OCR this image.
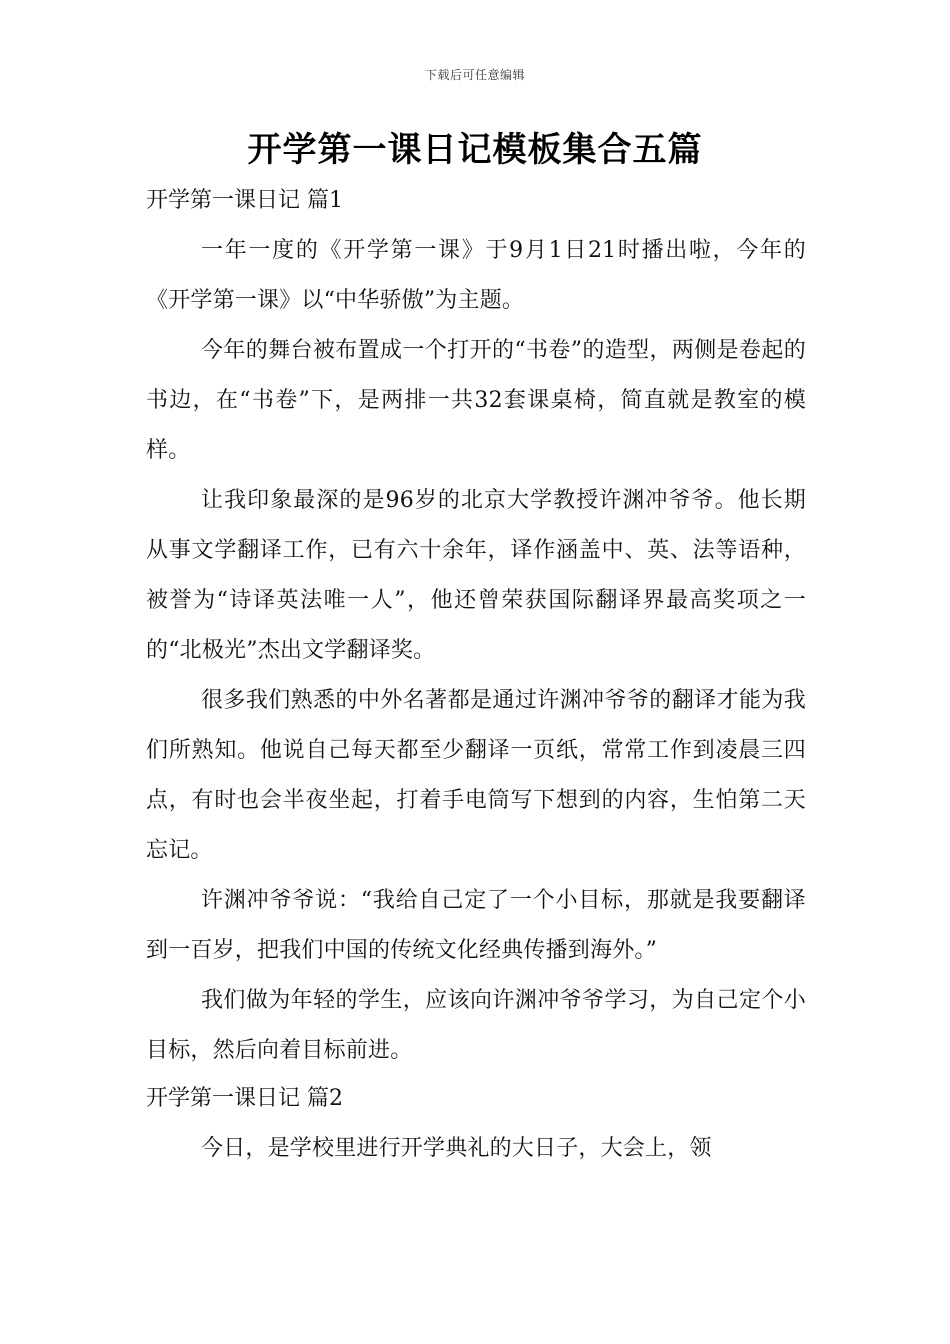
下载后可任意编辑
开学第一课日记模板集合五篇
开学第一课日记 篇1

一年一度的《开学第一课》于9月1日21时播出啦，今年的《开学第一课》以“中华骄傲”为主题。

今年的舞台被布置成一个打开的“书卷”的造型，两侧是卷起的书边，在“书卷”下，是两排一共32套课桌椅，简直就是教室的模样。

让我印象最深的是96岁的北京大学教授许渊冲爷爷。他长期从事文学翻译工作，已有六十余年，译作涵盖中、英、法等语种，被誉为“诗译英法唯一人”，他还曾荣获国际翻译界最高奖项之一的“北极光”杰出文学翻译奖。

很多我们熟悉的中外名著都是通过许渊冲爷爷的翻译才能为我们所熟知。他说自己每天都至少翻译一页纸，常常工作到凌晨三四点，有时也会半夜坐起，打着手电筒写下想到的内容，生怕第二天忘记。

许渊冲爷爷说：“我给自己定了一个小目标，那就是我要翻译到一百岁，把我们中国的传统文化经典传播到海外。”

我们做为年轻的学生，应该向许渊冲爷爷学习，为自己定个小目标，然后向着目标前进。

开学第一课日记 篇2

今日，是学校里进行开学典礼的大日子，大会上，领
